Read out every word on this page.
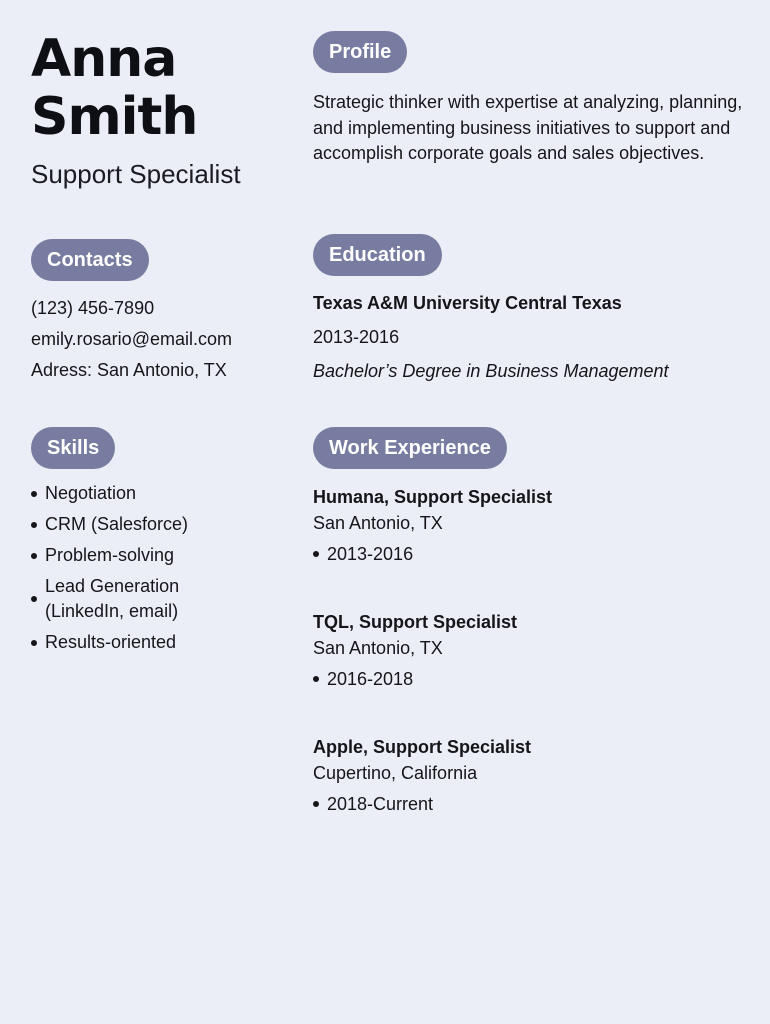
Anna
Smith
Support Specialist
Contacts
(123) 456-7890
emily.rosario@email.com
Adress: San Antonio, TX
Skills
Negotiation
CRM (Salesforce)
Problem-solving
Lead Generation (LinkedIn, email)
Results-oriented
Profile
Strategic thinker with expertise at analyzing, planning, and implementing business initiatives to support and accomplish corporate goals and sales objectives.
Education
Texas A&M University Central Texas
2013-2016
Bachelor’s Degree in Business Management
Work Experience
Humana, Support Specialist
San Antonio, TX
2013-2016
TQL, Support Specialist
San Antonio, TX
2016-2018
Apple, Support Specialist
Cupertino, California
2018-Current
